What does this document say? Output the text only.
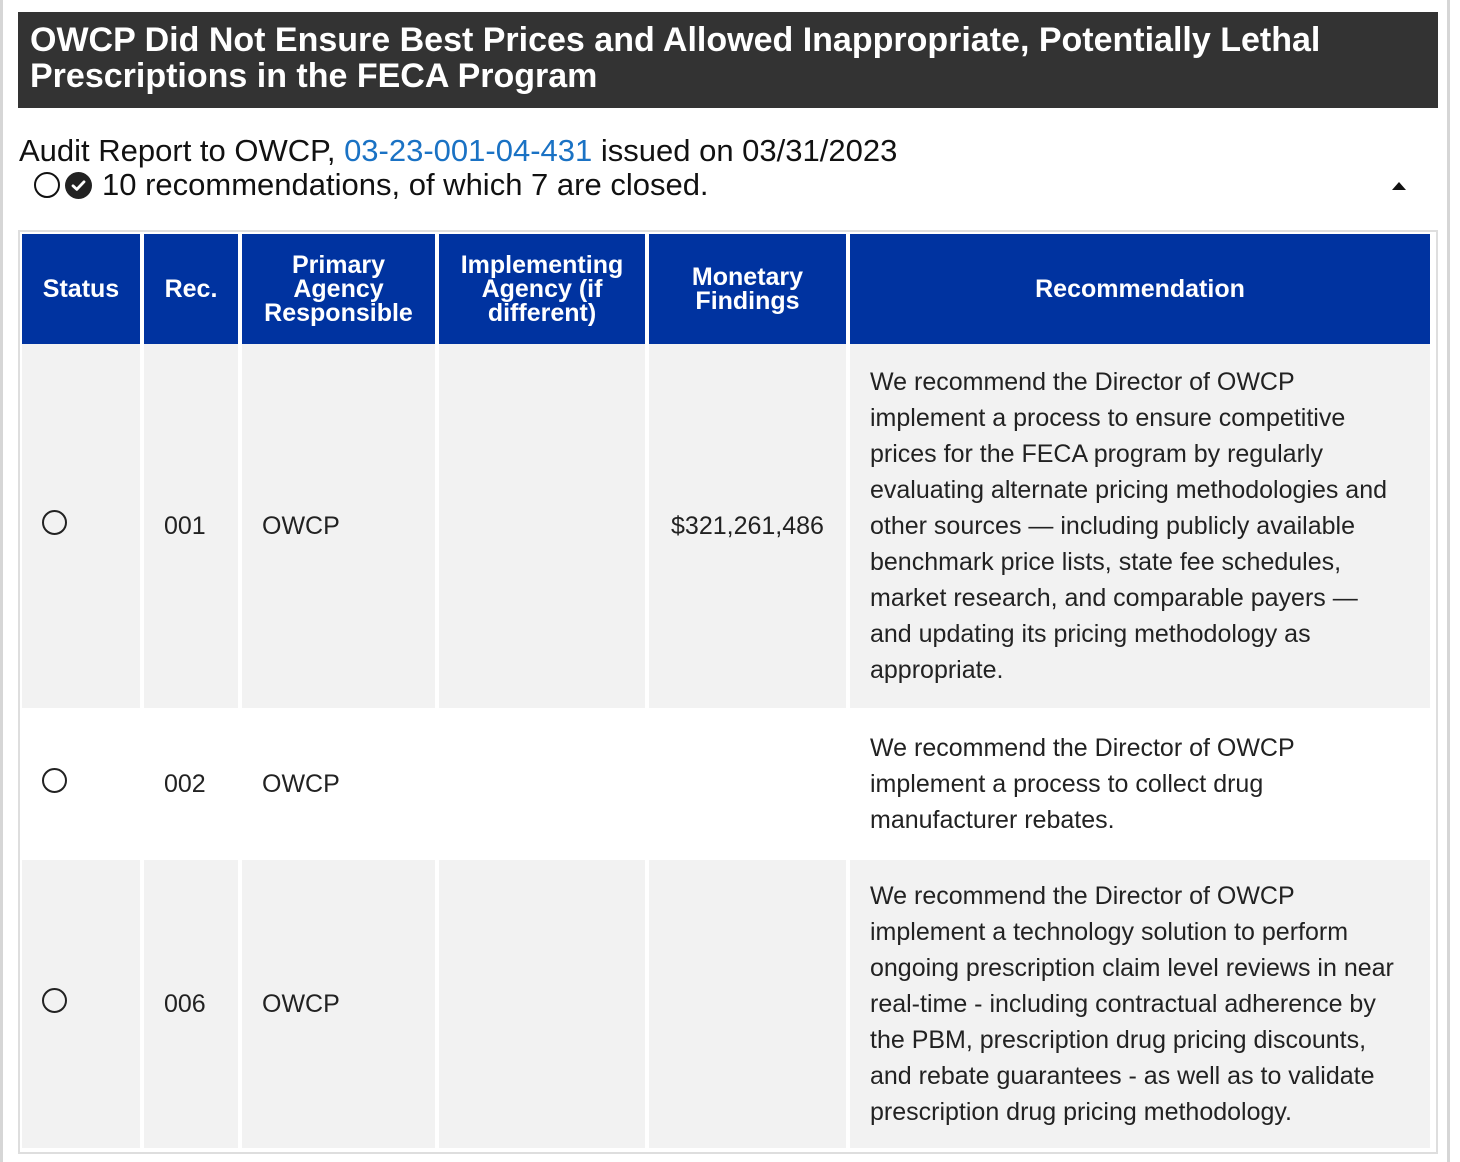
OWCP Did Not Ensure Best Prices and Allowed Inappropriate, Potentially Lethal Prescriptions in the FECA Program
Audit Report to OWCP, 03-23-001-04-431 issued on 03/31/2023
10 recommendations, of which 7 are closed.
Status	Rec.	Primary Agency Responsible	Implementing Agency (if different)	Monetary Findings	Recommendation
	001	OWCP		$321,261,486	We recommend the Director of OWCP implement a process to ensure competitive prices for the FECA program by regularly evaluating alternate pricing methodologies and other sources — including publicly available benchmark price lists, state fee schedules, market research, and comparable payers — and updating its pricing methodology as appropriate.
	002	OWCP			We recommend the Director of OWCP implement a process to collect drug manufacturer rebates.
	006	OWCP			We recommend the Director of OWCP implement a technology solution to perform ongoing prescription claim level reviews in near real-time - including contractual adherence by the PBM, prescription drug pricing discounts, and rebate guarantees - as well as to validate prescription drug pricing methodology.
